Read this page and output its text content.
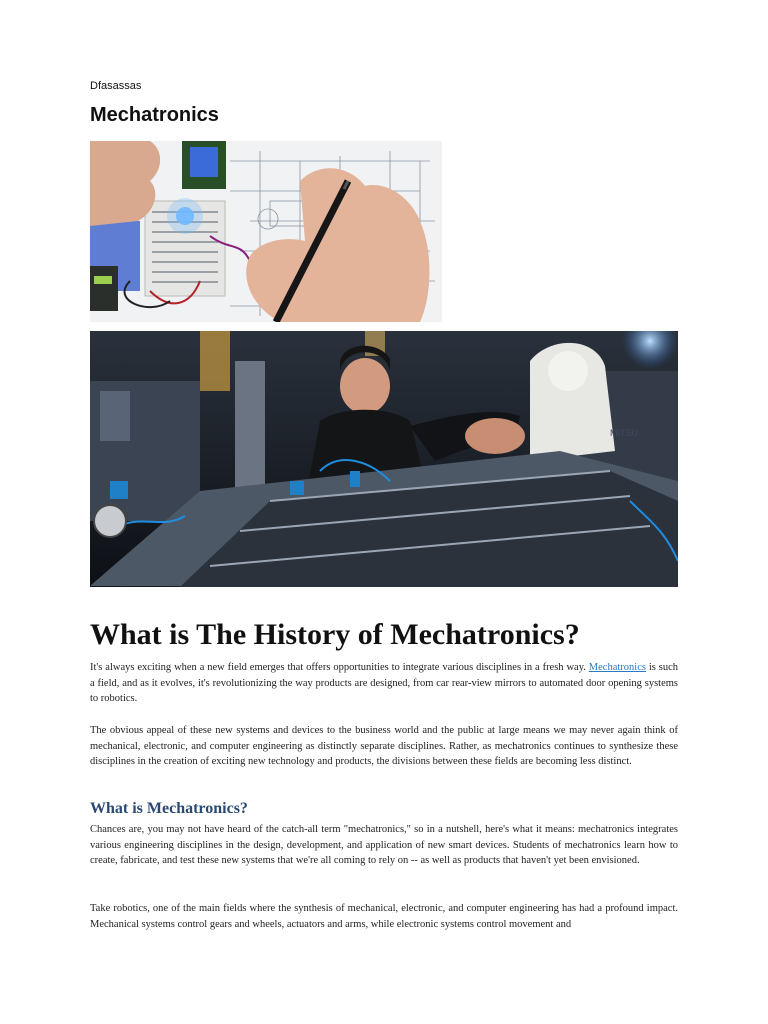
Dfasassas
Mechatronics
MITSU
What is The History of Mechatronics?

It's always exciting when a new field emerges that offers opportunities to integrate various disciplines in a fresh way. Mechatronics is such a field, and as it evolves, it's revolutionizing the way products are designed, from car rear-view mirrors to automated door opening systems to robotics.

The obvious appeal of these new systems and devices to the business world and the public at large means we may never again think of mechanical, electronic, and computer engineering as distinctly separate disciplines. Rather, as mechatronics continues to synthesize these disciplines in the creation of exciting new technology and products, the divisions between these fields are becoming less distinct.

What is Mechatronics?

Chances are, you may not have heard of the catch-all term "mechatronics," so in a nutshell, here's what it means: mechatronics integrates various engineering disciplines in the design, development, and application of new smart devices. Students of mechatronics learn how to create, fabricate, and test these new systems that we're all coming to rely on -- as well as products that haven't yet been envisioned.

Take robotics, one of the main fields where the synthesis of mechanical, electronic, and computer engineering has had a profound impact. Mechanical systems control gears and wheels, actuators and arms, while electronic systems control movement and
